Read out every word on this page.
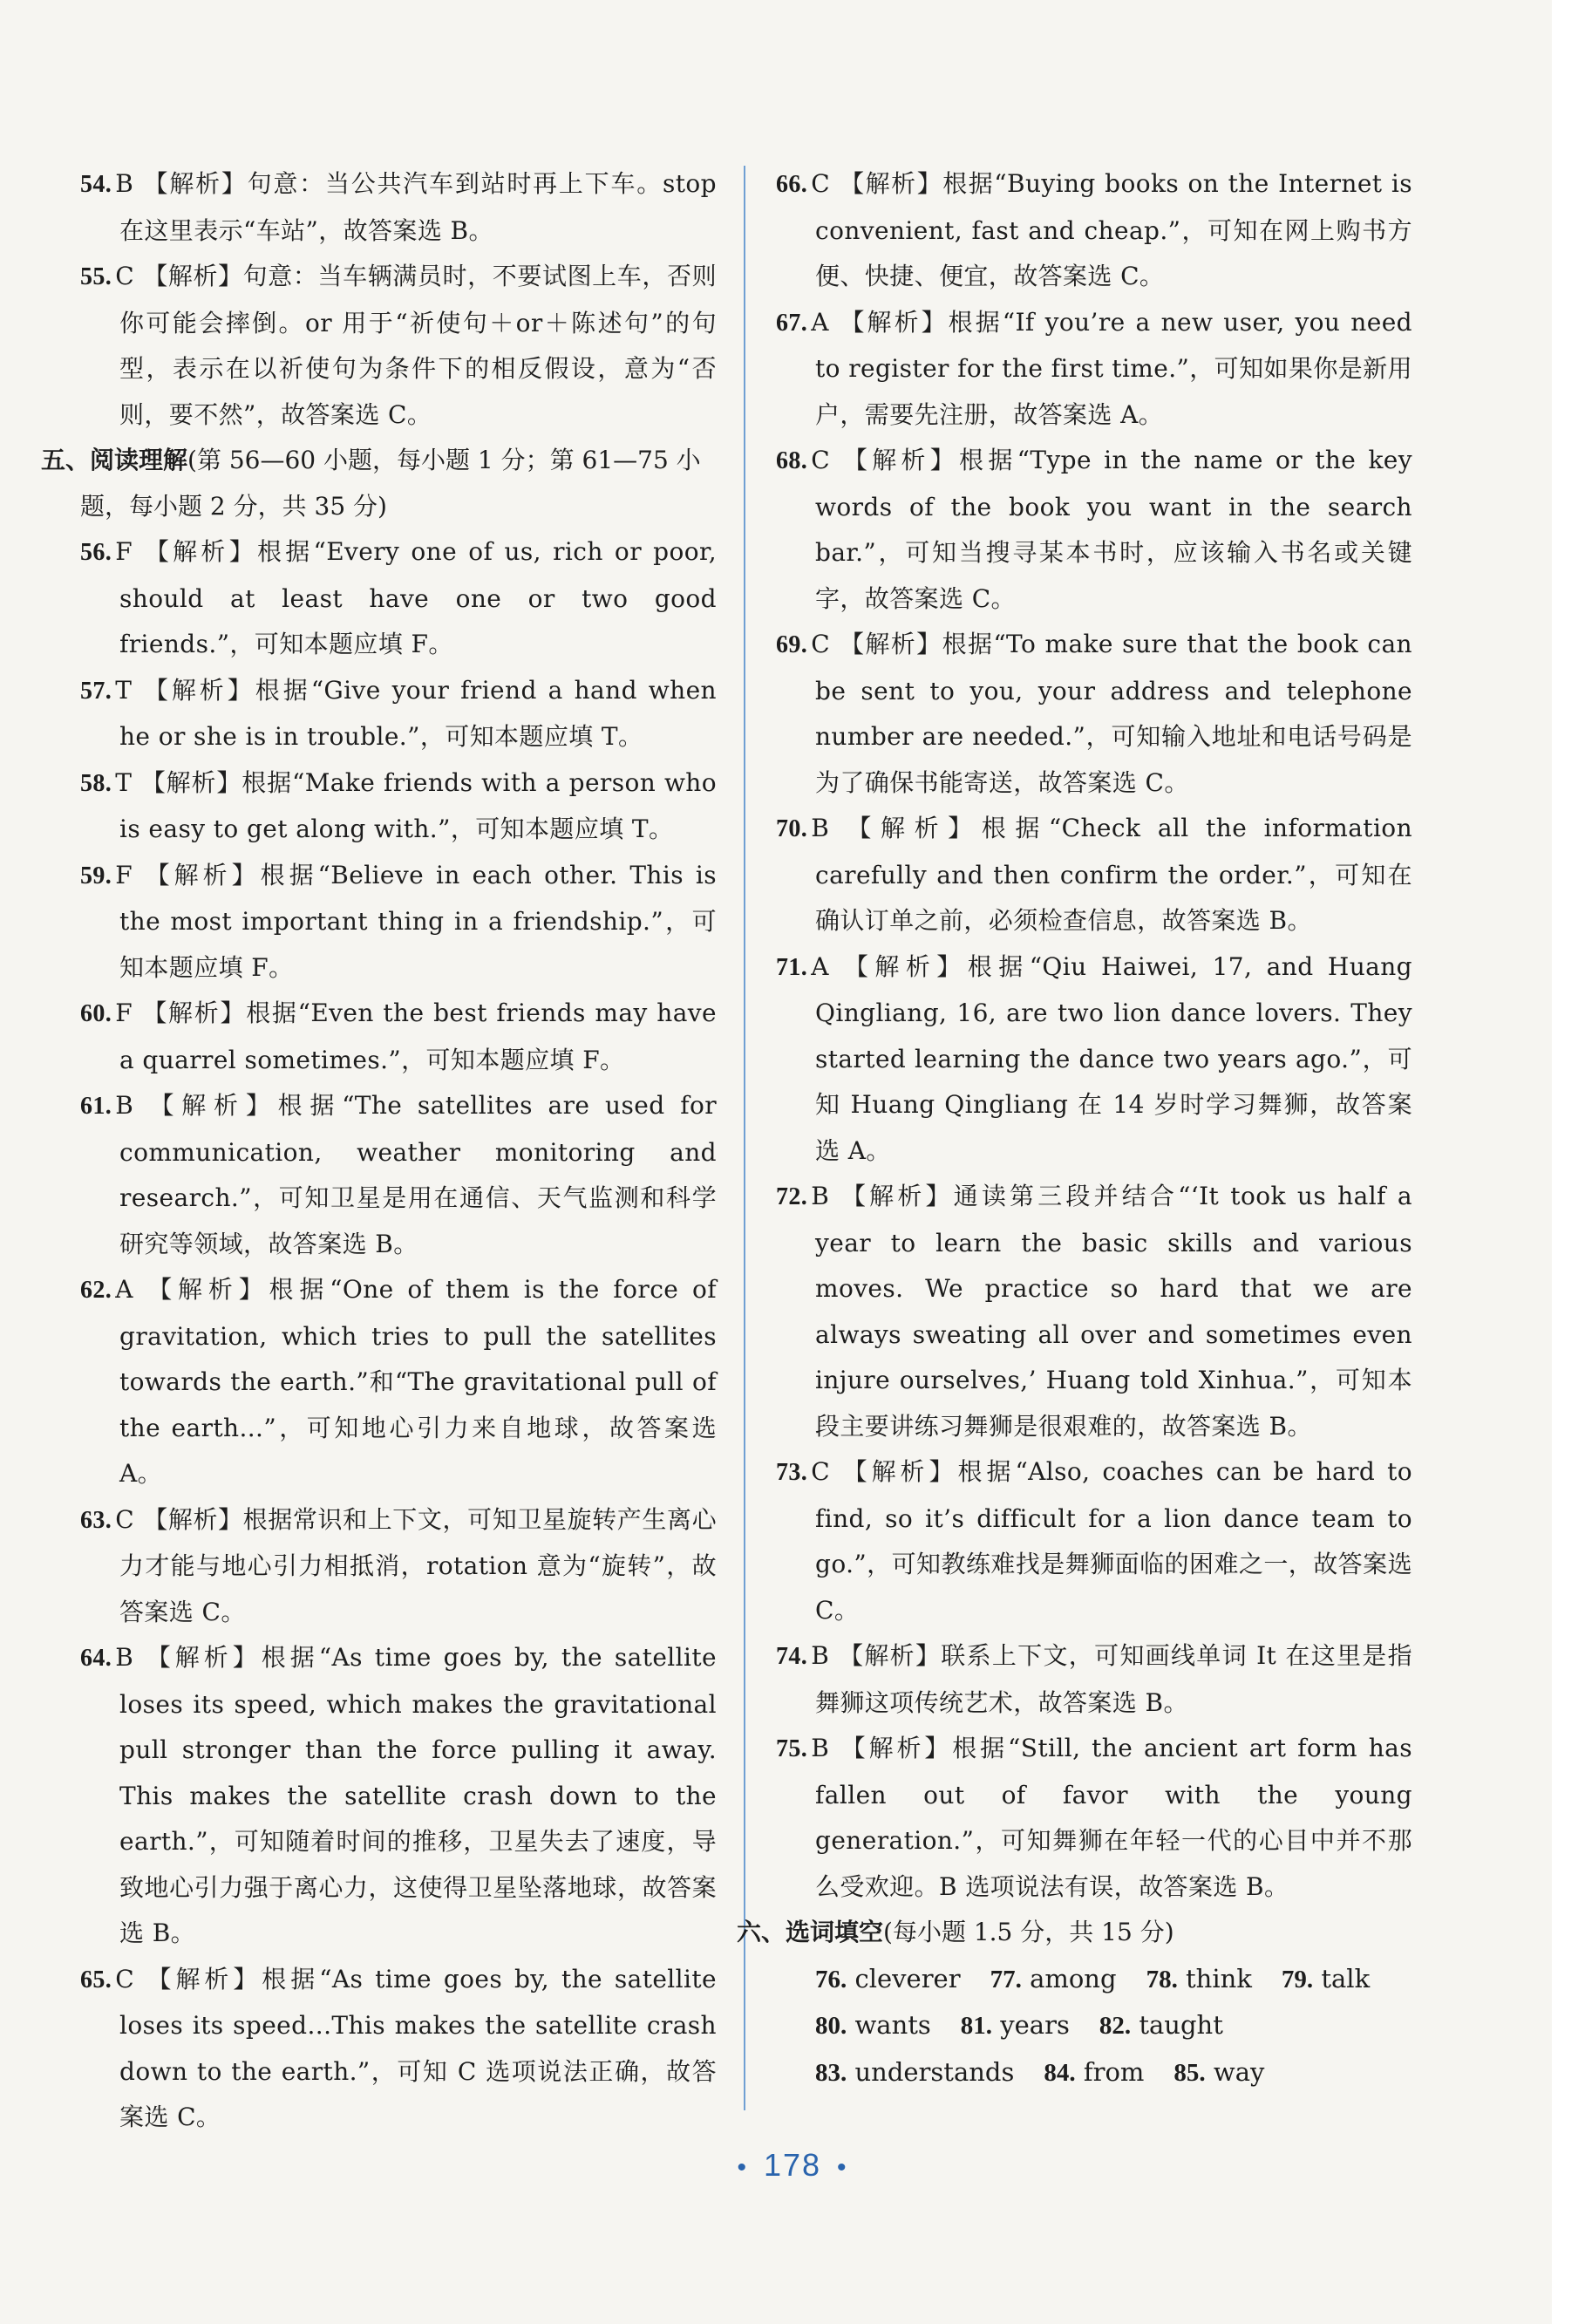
54. B 【解析】句意：当公共汽车到站时再上下车。stop 在这里表示“车站”，故答案选 B。
55. C 【解析】句意：当车辆满员时，不要试图上车，否则你可能会摔倒。or 用于“祈使句＋or＋陈述句”的句型，表示在以祈使句为条件下的相反假设，意为“否则，要不然”，故答案选 C。
五、阅读理解(第 56—60 小题，每小题 1 分；第 61—75 小题，每小题 2 分，共 35 分)
56. F 【解析】根据“Every one of us, rich or poor, should at least have one or two good friends.”，可知本题应填 F。
57. T 【解析】根据“Give your friend a hand when he or she is in trouble.”，可知本题应填 T。
58. T 【解析】根据“Make friends with a person who is easy to get along with.”，可知本题应填 T。
59. F 【解析】根据“Believe in each other. This is the most important thing in a friendship.”，可知本题应填 F。
60. F 【解析】根据“Even the best friends may have a quarrel sometimes.”，可知本题应填 F。
61. B 【解析】根据“The satellites are used for communication, weather monitoring and research.”，可知卫星是用在通信、天气监测和科学研究等领域，故答案选 B。
62. A 【解析】根据“One of them is the force of gravitation, which tries to pull the satellites towards the earth.”和“The gravitational pull of the earth...”，可知地心引力来自地球，故答案选 A。
63. C 【解析】根据常识和上下文，可知卫星旋转产生离心力才能与地心引力相抵消，rotation 意为“旋转”，故答案选 C。
64. B 【解析】根据“As time goes by, the satellite loses its speed, which makes the gravitational pull stronger than the force pulling it away. This makes the satellite crash down to the earth.”，可知随着时间的推移，卫星失去了速度，导致地心引力强于离心力，这使得卫星坠落地球，故答案选 B。
65. C 【解析】根据“As time goes by, the satellite loses its speed...This makes the satellite crash down to the earth.”，可知 C 选项说法正确，故答案选 C。
66. C 【解析】根据“Buying books on the Internet is convenient, fast and cheap.”，可知在网上购书方便、快捷、便宜，故答案选 C。
67. A 【解析】根据“If you’re a new user, you need to register for the first time.”，可知如果你是新用户，需要先注册，故答案选 A。
68. C 【解析】根据“Type in the name or the key words of the book you want in the search bar.”，可知当搜寻某本书时，应该输入书名或关键字，故答案选 C。
69. C 【解析】根据“To make sure that the book can be sent to you, your address and telephone number are needed.”，可知输入地址和电话号码是为了确保书能寄送，故答案选 C。
70. B 【解析】根据“Check all the information carefully and then confirm the order.”，可知在确认订单之前，必须检查信息，故答案选 B。
71. A 【解析】根据“Qiu Haiwei, 17, and Huang Qingliang, 16, are two lion dance lovers. They started learning the dance two years ago.”，可知 Huang Qingliang 在 14 岁时学习舞狮，故答案选 A。
72. B 【解析】通读第三段并结合“‘It took us half a year to learn the basic skills and various moves. We practice so hard that we are always sweating all over and sometimes even injure ourselves,’ Huang told Xinhua.”，可知本段主要讲练习舞狮是很艰难的，故答案选 B。
73. C 【解析】根据“Also, coaches can be hard to find, so it’s difficult for a lion dance team to go.”，可知教练难找是舞狮面临的困难之一，故答案选 C。
74. B 【解析】联系上下文，可知画线单词 It 在这里是指舞狮这项传统艺术，故答案选 B。
75. B 【解析】根据“Still, the ancient art form has fallen out of favor with the young generation.”，可知舞狮在年轻一代的心目中并不那么受欢迎。B 选项说法有误，故答案选 B。
六、选词填空(每小题 1.5 分，共 15 分)
76. cleverer 77. among 78. think 79. talk
80. wants 81. years 82. taught
83. understands 84. from 85. way
• 178 •
